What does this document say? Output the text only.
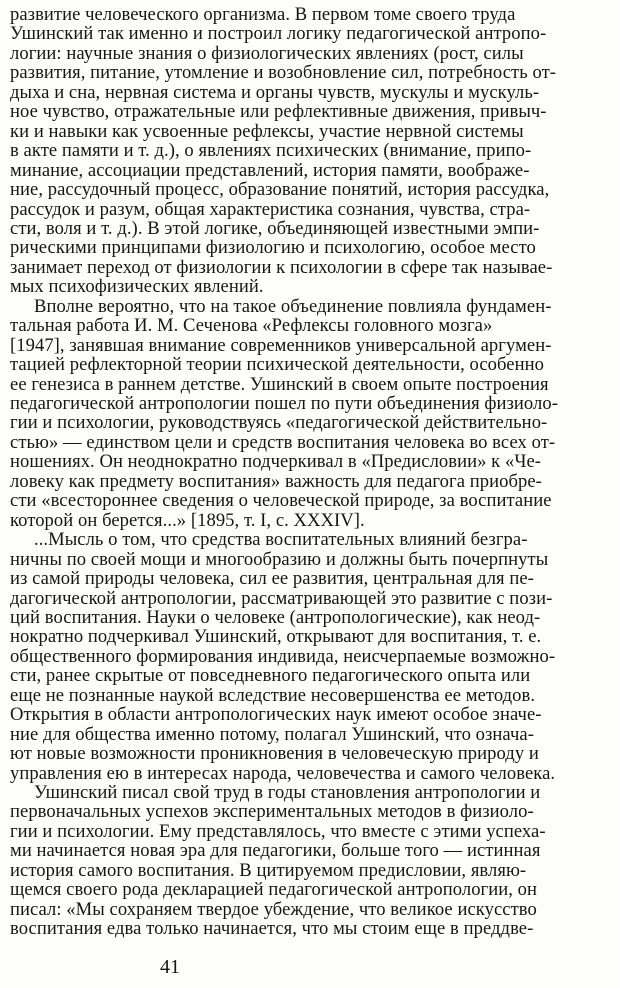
развитие человеческого организма. В первом томе своего труда
Ушинский так именно и построил логику педагогической антропо-
логии: научные знания о физиологических явлениях (рост, силы
развития, питание, утомление и возобновление сил, потребность от-
дыха и сна, нервная система и органы чувств, мускулы и мускуль-
ное чувство, отражательные или рефлективные движения, привыч-
ки и навыки как усвоенные рефлексы, участие нервной системы
в акте памяти и т. д.), о явлениях психических (внимание, припо-
минание, ассоциации представлений, история памяти, воображе-
ние, рассудочный процесс, образование понятий, история рассудка,
рассудок и разум, общая характеристика сознания, чувства, стра-
сти, воля и т. д.). В этой логике, объединяющей известными эмпи-
рическими принципами физиологию и психологию, особое место
занимает переход от физиологии к психологии в сфере так называе-
мых психофизических явлений.
Вполне вероятно, что на такое объединение повлияла фундамен-
тальная работа И. М. Сеченова «Рефлексы головного мозга»
[1947], занявшая внимание современников универсальной аргумен-
тацией рефлекторной теории психической деятельности, особенно
ее генезиса в раннем детстве. Ушинский в своем опыте построения
педагогической антропологии пошел по пути объединения физиоло-
гии и психологии, руководствуясь «педагогической действительно-
стью» — единством цели и средств воспитания человека во всех от-
ношениях. Он неоднократно подчеркивал в «Предисловии» к «Че-
ловеку как предмету воспитания» важность для педагога приобре-
сти «всестороннее сведения о человеческой природе, за воспитание
которой он берется...» [1895, т. I, с. XXXIV].
...Мысль о том, что средства воспитательных влияний безгра-
ничны по своей мощи и многообразию и должны быть почерпнуты
из самой природы человека, сил ее развития, центральная для пе-
дагогической антропологии, рассматривающей это развитие с пози-
ций воспитания. Науки о человеке (антропологические), как неод-
нократно подчеркивал Ушинский, открывают для воспитания, т. е.
общественного формирования индивида, неисчерпаемые возможно-
сти, ранее скрытые от повседневного педагогического опыта или
еще не познанные наукой вследствие несовершенства ее методов.
Открытия в области антропологических наук имеют особое значе-
ние для общества именно потому, полагал Ушинский, что означа-
ют новые возможности проникновения в человеческую природу и
управления ею в интересах народа, человечества и самого человека.
Ушинский писал свой труд в годы становления антропологии и
первоначальных успехов экспериментальных методов в физиоло-
гии и психологии. Ему представлялось, что вместе с этими успеха-
ми начинается новая эра для педагогики, больше того — истинная
история самого воспитания. В цитируемом предисловии, являю-
щемся своего рода декларацией педагогической антропологии, он
писал: «Мы сохраняем твердое убеждение, что великое искусство
воспитания едва только начинается, что мы стоим еще в преддве-
41
